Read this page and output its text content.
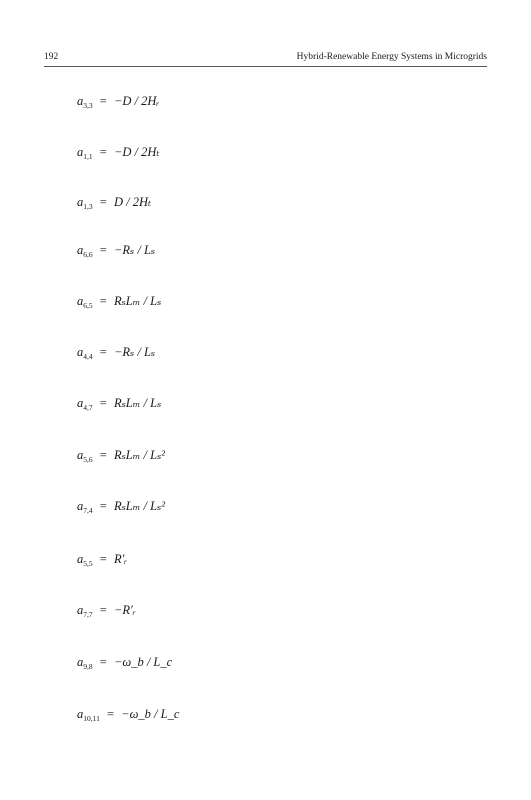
192	Hybrid-Renewable Energy Systems in Microgrids
$a_{3,3} = -D$ / 2Hᵣ
$a_{1,1} = -D / 2H_t$
$a_{1,3} = D / 2H_t$
$a_{6,6} = -R_s / L_s$
$a_{6,5} = R_sL_m / L_s$
$a_{4,4} = -R_s / L_s$
$a_{4,7} = R_sL_m / L_s$
$a_{5,6} = R_sL_m / L_s^2$
$a_{7,4} = R_sL_m / L_s^2$
$a_{5,5}$ = R′ᵣ
$a_{7,7}$ = −R′ᵣ
$a_{9,8}$ = −ω_b / L_c
$a_{10,11}$ = −ω_b / L_c
